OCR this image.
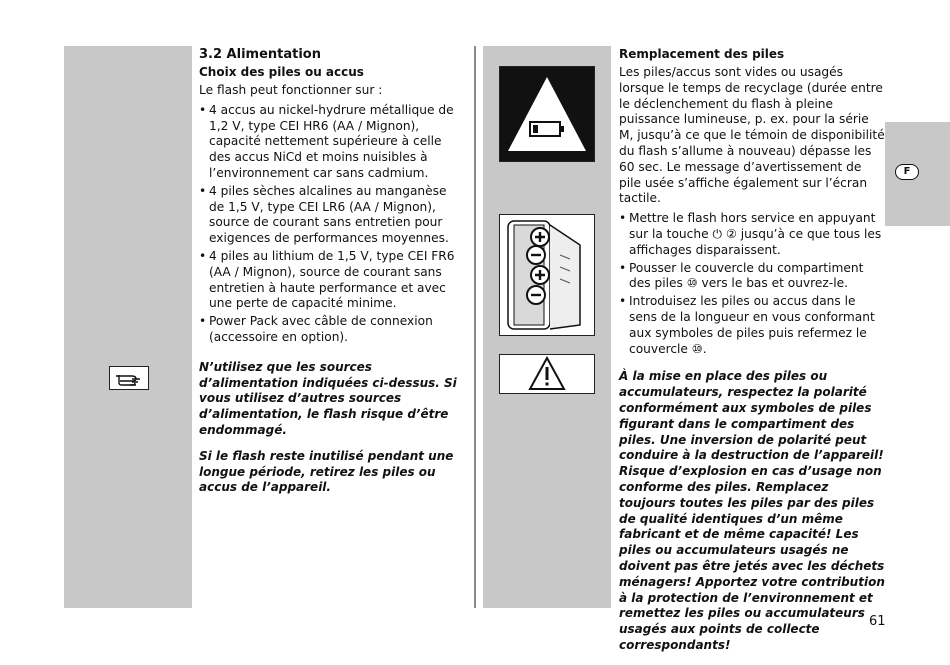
3.2 Alimentation

Choix des piles ou accus

Le flash peut fonctionner sur :

• 4 accus au nickel-hydrure métallique de 1,2 V, type CEI HR6 (AA / Mignon), capacité nettement supérieure à celle des accus NiCd et moins nuisibles à l’environnement car sans cadmium.
• 4 piles sèches alcalines au manganèse de 1,5 V, type CEI LR6 (AA / Mignon), source de courant sans entretien pour exigences de performances moyennes.
• 4 piles au lithium de 1,5 V, type CEI FR6 (AA / Mignon), source de courant sans entretien à haute performance et avec une perte de capacité minime.
• Power Pack avec câble de connexion (accessoire en option).

N’utilisez que les sources d’alimentation indiquées ci-dessus. Si vous utilisez d’autres sources d’alimentation, le flash risque d’être endommagé.

Si le flash reste inutilisé pendant une longue période, retirez les piles ou accus de l’appareil.

Remplacement des piles

Les piles/accus sont vides ou usagés lorsque le temps de recyclage (durée entre le déclenchement du flash à pleine puissance lumineuse, p. ex. pour la série M, jusqu’à ce que le témoin de disponibilité du flash s’allume à nouveau) dépasse les 60 sec. Le message d’avertissement de pile usée s’affiche également sur l’écran tactile.

• Mettre le flash hors service en appuyant sur la touche ⏻ ② jusqu’à ce que tous les affichages disparaissent.
• Pousser le couvercle du compartiment des piles ⑩ vers le bas et ouvrez-le.
• Introduisez les piles ou accus dans le sens de la longueur en vous conformant aux symboles de piles puis refermez le couvercle ⑩.

À la mise en place des piles ou accumulateurs, respectez la polarité conformément aux symboles de piles figurant dans le compartiment des piles. Une inversion de polarité peut conduire à la destruction de l’appareil! Risque d’explosion en cas d’usage non conforme des piles. Remplacez toujours toutes les piles par des piles de qualité identiques d’un même fabricant et de même capacité! Les piles ou accumulateurs usagés ne doivent pas être jetés avec les déchets ménagers! Apportez votre contribution à la protection de l’environnement et remettez les piles ou accumulateurs usagés aux points de collecte correspondants!

F
61
